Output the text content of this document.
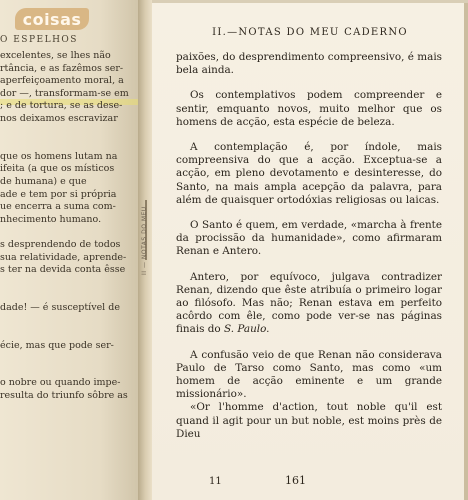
coisas
O ESPELHOS
excelentes, se lhes não
rtância, e as fazêmos ser-
aperfeiçoamento moral, a
dor —, transformam-se em
; e de tortura, se as dese-
nos deixamos escravizar
que os homens lutam na
ifeita (a que os místicos
de humana) e que
ade e tem por si própria
ue encerra a suma com-
nhecimento humano.
s desprendendo de todos
sua relatividade, aprende-
s ter na devida conta êsse
dade! — é susceptível de
écie, mas que pode ser-
o nobre ou quando impe-
resulta do triunfo sôbre as
II — NOTAS DO MEU
II.—NOTAS DO MEU CADERNO

paixões, do desprendimento compreensivo, é mais bela ainda.

Os contemplativos podem compreender e sentir, emquanto novos, muito melhor que os homens de acção, esta espécie de beleza.

A contemplação é, por índole, mais compreensiva do que a acção. Exceptua-se a acção, em pleno devotamento e desinteresse, do Santo, na mais ampla acepção da palavra, para além de quaisquer ortodóxias religiosas ou laicas.

O Santo é quem, em verdade, «marcha à frente da procissão da humanidade», como afirmaram Renan e Antero.

Antero, por equívoco, julgava contradizer Renan, dizendo que êste atribuía o primeiro logar ao filósofo. Mas não; Renan estava em perfeito acôrdo com êle, como pode ver-se nas páginas finais do S. Paulo.

A confusão veio de que Renan não considerava Paulo de Tarso como Santo, mas como «um homem de acção eminente e um grande missionário».

«Or l'homme d'action, tout noble qu'il est quand il agit pour un but noble, est moins près de Dieu

11	161
